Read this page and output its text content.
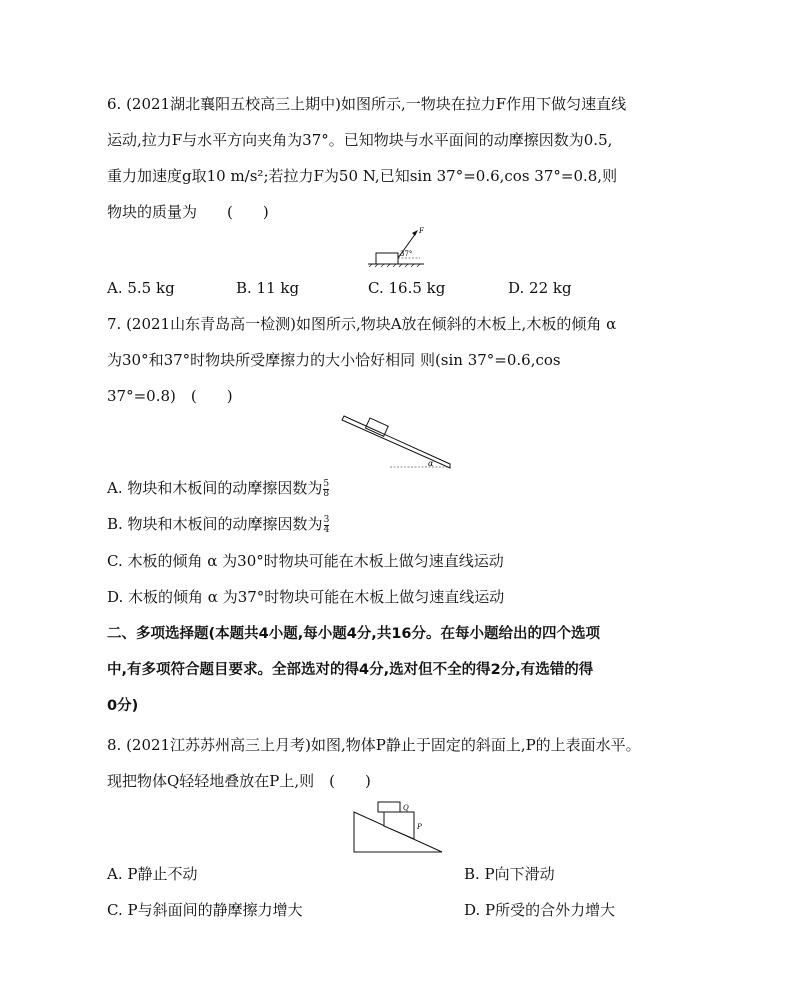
6. (2021湖北襄阳五校高三上期中)如图所示,一物块在拉力F作用下做匀速直线
运动,拉力F与水平方向夹角为37°。已知物块与水平面间的动摩擦因数为0.5,
重力加速度g取10 m/s²;若拉力F为50 N,已知sin 37°=0.6,cos 37°=0.8,则
物块的质量为　　(　　)
F
37°
A. 5.5 kg	B. 11 kg	C. 16.5 kg	D. 22 kg
7. (2021山东青岛高一检测)如图所示,物块A放在倾斜的木板上,木板的倾角 α
为30°和37°时物块所受摩擦力的大小恰好相同 则(sin 37°=0.6,cos
37°=0.8)　(　　)
α
A. 物块和木板间的动摩擦因数为 $\frac{5}{8}$
B. 物块和木板间的动摩擦因数为 $\frac{3}{4}$
C. 木板的倾角 α 为30°时物块可能在木板上做匀速直线运动
D. 木板的倾角 α 为37°时物块可能在木板上做匀速直线运动
二、多项选择题(本题共4小题,每小题4分,共16分。在每小题给出的四个选项
中,有多项符合题目要求。全部选对的得4分,选对但不全的得2分,有选错的得
0分)
8. (2021江苏苏州高三上月考)如图,物体P静止于固定的斜面上,P的上表面水平。
现把物体Q轻轻地叠放在P上,则　(　　)
Q
P
A. P静止不动	B. P向下滑动
C. P与斜面间的静摩擦力增大	D. P所受的合外力增大
